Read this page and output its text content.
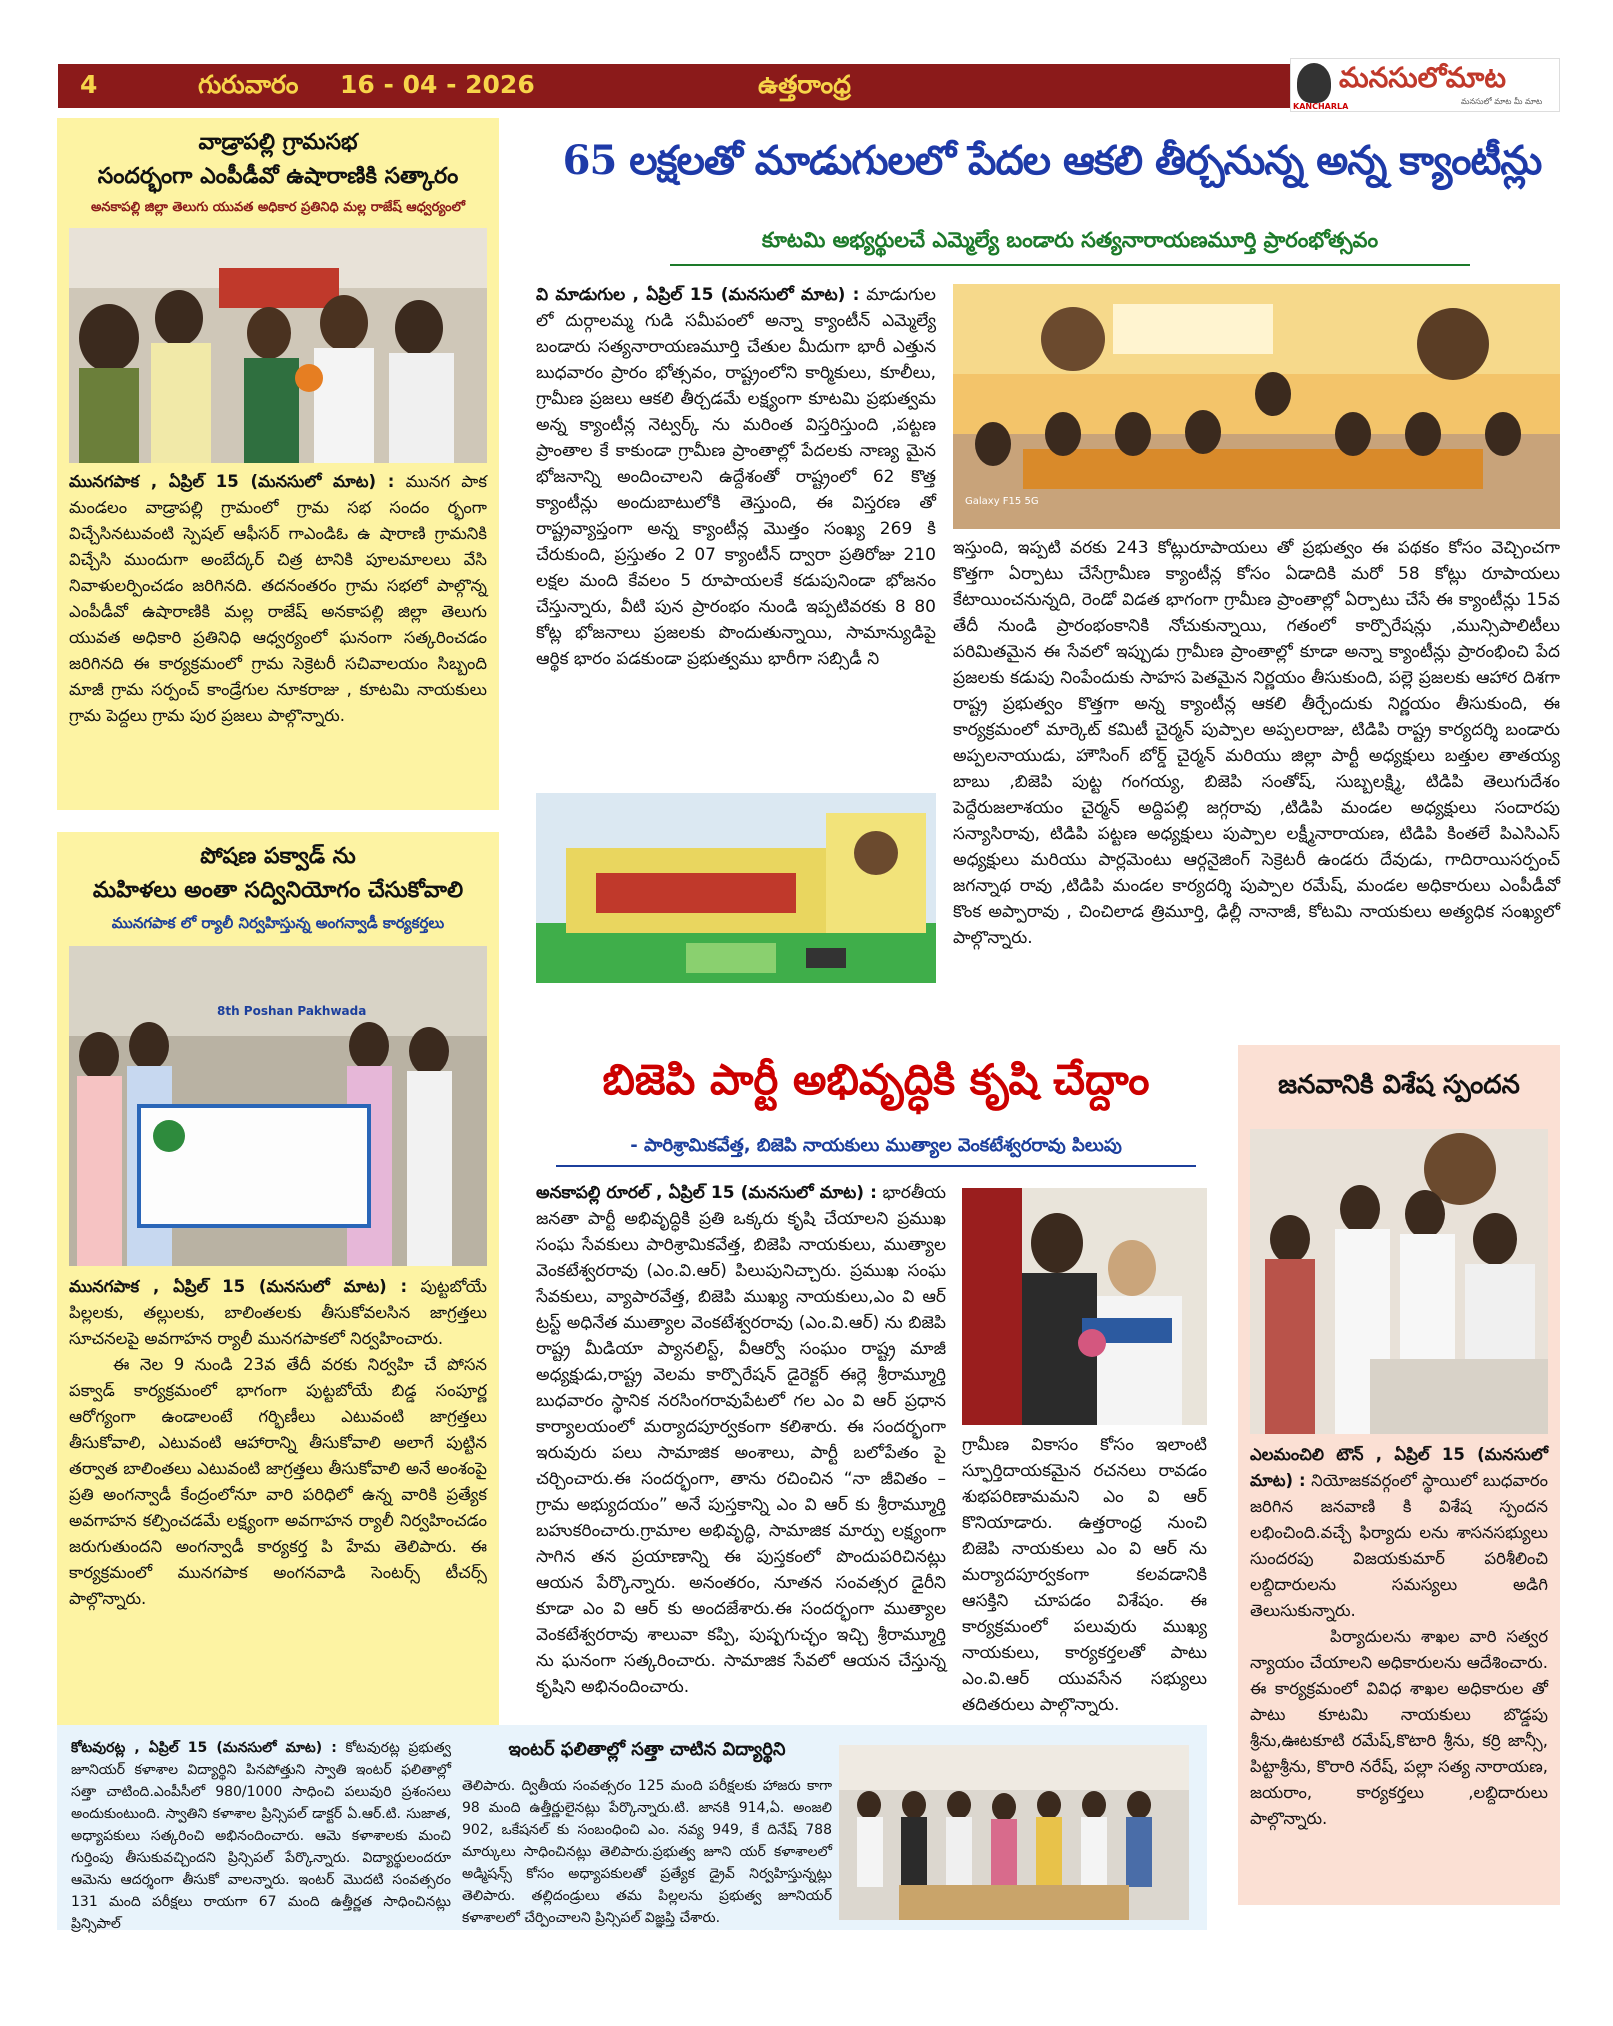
4	గురువారం 16 - 04 - 2026	ఉత్తరాంధ్ర
KANCHARLA
మనసులోమాట
మనసులో మాట మీ మాట
వాడ్రాపల్లి గ్రామసభ
సందర్భంగా ఎంపీడీవో ఉషారాణికి సత్కారం
అనకాపల్లి జిల్లా తెలుగు యువత అధికార ప్రతినిధి మల్ల రాజేష్ ఆధ్వర్యంలో
మునగపాక , ఏప్రిల్ 15 (మనసులో మాట) : మునగ పాక మండలం వాడ్రాపల్లి గ్రామంలో గ్రామ సభ సందం ర్భంగా విచ్చేసినటువంటి స్పెషల్ ఆఫీసర్ గాఎండిఓ ఉ షారాణి గ్రామనికి విచ్చేసి ముందుగా అంబేద్కర్ చిత్ర టానికి పూలమాలలు వేసి నివాళులర్పించడం జరిగినది. తదనంతరం గ్రామ సభలో పాల్గొన్న ఎంపీడీవో ఉషారాణికి మల్ల రాజేష్ అనకాపల్లి జిల్లా తెలుగు యువత అధికారి ప్రతినిధి ఆధ్వర్యంలో ఘనంగా సత్కరించడం జరిగినది ఈ కార్యక్రమంలో గ్రామ సెక్రెటరీ సచివాలయం సిబ్బంది మాజీ గ్రామ సర్పంచ్ కాండ్రేగుల నూకరాజు , కూటమి నాయకులు గ్రామ పెద్దలు గ్రామ పుర ప్రజలు పాల్గొన్నారు.
పోషణ పక్వాడ్ ను
మహిళలు అంతా సద్వినియోగం చేసుకోవాలి
మునగపాక లో ర్యాలీ నిర్వహిస్తున్న అంగన్వాడీ కార్యకర్తలు
8th Poshan Pakhwada
మునగపాక , ఏప్రిల్ 15 (మనసులో మాట) : పుట్టబోయే పిల్లలకు, తల్లులకు, బాలింతలకు తీసుకోవలసిన జాగ్రత్తలు సూచనలపై అవగాహన ర్యాలీ మునగపాకలో నిర్వహించారు.
ఈ నెల 9 నుండి 23వ తేదీ వరకు నిర్వహి చే పోసన పక్వాడ్ కార్యక్రమంలో భాగంగా పుట్టబోయే బిడ్డ సంపూర్ణ ఆరోగ్యంగా ఉండాలంటే గర్భిణీలు ఎటువంటి జాగ్రత్తలు తీసుకోవాలి, ఎటువంటి ఆహారాన్ని తీసుకోవాలి అలాగే పుట్టిన తర్వాత బాలింతలు ఎటువంటి జాగ్రత్తలు తీసుకోవాలి అనే అంశంపై ప్రతి అంగన్వాడీ కేంద్రంలోనూ వారి పరిధిలో ఉన్న వారికి ప్రత్యేక అవగాహన కల్పించడమే లక్ష్యంగా అవగాహన ర్యాలీ నిర్వహించడం జరుగుతుందని అంగన్వాడీ కార్యకర్త పి హేమ తెలిపారు. ఈ కార్యక్రమంలో మునగపాక అంగనవాడి సెంటర్స్ టీచర్స్ పాల్గొన్నారు.
65 లక్షలతో మాడుగులలో పేదల ఆకలి తీర్చనున్న అన్న క్యాంటీన్లు
కూటమి అభ్యర్థులచే ఎమ్మెల్యే బండారు సత్యనారాయణమూర్తి ప్రారంభోత్సవం
వి మాడుగుల , ఏప్రిల్ 15 (మనసులో మాట) : మాడుగుల లో దుర్గాలమ్మ గుడి సమీపంలో అన్నా క్యాంటీన్ ఎమ్మెల్యే బండారు సత్యనారాయణమూర్తి చేతుల మీదుగా భారీ ఎత్తున బుధవారం ప్రారం భోత్సవం, రాష్ట్రంలోని కార్మికులు, కూలీలు, గ్రామీణ ప్రజలు ఆకలి తీర్చడమే లక్ష్యంగా కూటమి ప్రభుత్వమ అన్న క్యాంటీన్ల నెట్వర్క్ ను మరింత విస్తరిస్తుంది ,పట్టణ ప్రాంతాల కే కాకుండా గ్రామీణ ప్రాంతాల్లో పేదలకు నాణ్య మైన భోజనాన్ని అందించాలని ఉద్దేశంతో రాష్ట్రంలో 62 కొత్త క్యాంటీన్లు అందుబాటులోకి తెస్తుంది, ఈ విస్తరణ తో రాష్ట్రవ్యాప్తంగా అన్న క్యాంటీన్ల మొత్తం సంఖ్య 269 కి చేరుకుంది, ప్రస్తుతం 2 07 క్యాంటీన్ ద్వారా ప్రతిరోజు 210 లక్షల మంది కేవలం 5 రూపాయలకే కడుపునిండా భోజనం చేస్తున్నారు, వీటి పున ప్రారంభం నుండి ఇప్పటివరకు 8 80 కోట్ల భోజనాలు ప్రజలకు పొందుతున్నాయి, సామాన్యుడిపై ఆర్థిక భారం పడకుండా ప్రభుత్వము భారీగా సబ్సిడీ ని
Galaxy F15 5G
ఇస్తుంది, ఇప్పటి వరకు 243 కోట్లురూపాయలు తో ప్రభుత్వం ఈ పథకం కోసం వెచ్చించగా కొత్తగా ఏర్పాటు చేసేగ్రామీణ క్యాంటీన్ల కోసం ఏడాదికి మరో 58 కోట్లు రూపాయలు కేటాయించనున్నది, రెండో విడత భాగంగా గ్రామీణ ప్రాంతాల్లో ఏర్పాటు చేసే ఈ క్యాంటీన్లు 15వ తేదీ నుండి ప్రారంభంకానికి నోచుకున్నాయి, గతంలో కార్పొరేషన్లు ,మున్సిపాలిటీలు పరిమితమైన ఈ సేవలో ఇప్పుడు గ్రామీణ ప్రాంతాల్లో కూడా అన్నా క్యాంటీన్లు ప్రారంభించి పేద ప్రజలకు కడుపు నింపేందుకు సాహస పెతమైన నిర్ణయం తీసుకుంది, పల్లె ప్రజలకు ఆహార దిశగా రాష్ట్ర ప్రభుత్వం కొత్తగా అన్న క్యాంటీన్ల ఆకలి తీర్చేందుకు నిర్ణయం తీసుకుంది, ఈ కార్యక్రమంలో మార్కెట్ కమిటీ చైర్మన్ పుప్పాల అప్పలరాజు, టిడిపి రాష్ట్ర కార్యదర్శి బండారు అప్పలనాయుడు, హౌసింగ్ బోర్డ్ చైర్మన్ మరియు జిల్లా పార్టీ అధ్యక్షులు బత్తుల తాతయ్య బాబు ,బిజెపి పుట్ట గంగయ్య, బిజెపి సంతోష్, సుబ్బలక్ష్మి, టిడిపి తెలుగుదేశం పెద్దేరుజలాశయం చైర్మన్ అద్దిపల్లి జగ్గరావు ,టిడిపి మండల అధ్యక్షులు సందారపు సన్యాసిరావు, టిడిపి పట్టణ అధ్యక్షులు పుప్పాల లక్ష్మీనారాయణ, టిడిపి కింతలే పిఎసిఎస్ అధ్యక్షులు మరియు పార్లమెంటు ఆర్గనైజింగ్ సెక్రెటరీ ఉండరు దేవుడు, గాదిరాయిసర్పంచ్ జగన్నాథ రావు ,టిడిపి మండల కార్యదర్శి పుప్పాల రమేష్, మండల అధికారులు ఎంపీడీవో కొంక అప్పారావు , చించిలాడ త్రిమూర్తి, ఢిల్లీ నానాజీ, కోటమి నాయకులు అత్యధిక సంఖ్యలో పాల్గొన్నారు.
బిజెపి పార్టీ అభివృద్ధికి కృషి చేద్దాం
- పారిశ్రామికవేత్త, బిజెపి నాయకులు ముత్యాల వెంకటేశ్వరరావు పిలుపు
అనకాపల్లి రూరల్ , ఏప్రిల్ 15 (మనసులో మాట) : భారతీయ జనతా పార్టీ అభివృద్ధికి ప్రతి ఒక్కరు కృషి చేయాలని ప్రముఖ సంఘ సేవకులు పారిశ్రామికవేత్త, బిజెపి నాయకులు, ముత్యాల వెంకటేశ్వరరావు (ఎం.వి.ఆర్) పిలుపునిచ్చారు. ప్రముఖ సంఘ సేవకులు, వ్యాపారవేత్త, బిజెపి ముఖ్య నాయకులు,ఎం వి ఆర్ ట్రస్ట్ అధినేత ముత్యాల వెంకటేశ్వరరావు (ఎం.వి.ఆర్) ను బిజెపి రాష్ట్ర మీడియా ప్యానలిస్ట్, వీఆర్వో సంఘం రాష్ట్ర మాజీ అధ్యక్షుడు,రాష్ట్ర వెలమ కార్పొరేషన్ డైరెక్టర్ ఈర్లె శ్రీరామ్మూర్తి బుధవారం స్థానిక నరసింగరావుపేటలో గల ఎం వి ఆర్ ప్రధాన కార్యాలయంలో మర్యాదపూర్వకంగా కలిశారు. ఈ సందర్భంగా ఇరువురు పలు సామాజిక అంశాలు, పార్టీ బలోపేతం పై చర్చించారు.ఈ సందర్భంగా, తాను రచించిన “నా జీవితం – గ్రామ అభ్యుదయం” అనే పుస్తకాన్ని ఎం వి ఆర్ కు శ్రీరామ్మూర్తి బహుకరించారు.గ్రామాల అభివృద్ధి, సామాజిక మార్పు లక్ష్యంగా సాగిన తన ప్రయాణాన్ని ఈ పుస్తకంలో పొందుపరిచినట్లు ఆయన పేర్కొన్నారు. అనంతరం, నూతన సంవత్సర డైరీని కూడా ఎం వి ఆర్ కు అందజేశారు.ఈ సందర్భంగా ముత్యాల వెంకటేశ్వరరావు శాలువా కప్పి, పుష్పగుచ్ఛం ఇచ్చి శ్రీరామ్మూర్తి ను ఘనంగా సత్కరించారు. సామాజిక సేవలో ఆయన చేస్తున్న కృషిని అభినందించారు.
గ్రామీణ వికాసం కోసం ఇలాంటి స్ఫూర్తిదాయకమైన రచనలు రావడం శుభపరిణామమని ఎం వి ఆర్ కొనియాడారు. ఉత్తరాంధ్ర నుంచి బిజెపి నాయకులు ఎం వి ఆర్ ను మర్యాదపూర్వకంగా కలవడానికి ఆసక్తిని చూపడం విశేషం. ఈ కార్యక్రమంలో పలువురు ముఖ్య నాయకులు, కార్యకర్తలతో పాటు ఎం.వి.ఆర్ యువసేన సభ్యులు తదితరులు పాల్గొన్నారు.
జనవానికి విశేష స్పందన
ఎలమంచిలి టౌన్ , ఏప్రిల్ 15 (మనసులో మాట) : నియోజకవర్గంలో స్థాయిలో బుధవారం జరిగిన జనవాణి కి విశేష స్పందన లభించింది.వచ్చే ఫిర్యాదు లను శాసనసభ్యులు సుందరపు విజయకుమార్ పరిశీలించి లబ్దిదారులను సమస్యలు అడిగి తెలుసుకున్నారు.
పిర్యాదులను శాఖల వారి సత్వర న్యాయం చేయాలని అధికారులను ఆదేశించారు. ఈ కార్యక్రమంలో వివిధ శాఖల అధికారుల తో పాటు కూటమి నాయకులు బొడ్డపు శ్రీను,ఊటకూటి రమేష్,కొటారి శ్రీను, కర్రి జాన్సీ, పిట్టాశ్రీను, కొరారి నరేష్, పల్లా సత్య నారాయణ, జయరాం, కార్యకర్తలు ,లబ్దిదారులు పాల్గొన్నారు.
కోటవురట్ల , ఏప్రిల్ 15 (మనసులో మాట) : కోటవురట్ల ప్రభుత్వ జూనియర్ కళాశాల విద్యార్థిని పినపోత్తుని స్వాతి ఇంటర్ ఫలితాల్లో సత్తా చాటింది.ఎంపీసీలో 980/1000 సాధించి పలువురి ప్రశంసలు అందుకుంటుంది. స్వాతిని కళాశాల ప్రిన్సిపల్ డాక్టర్ ఏ.ఆర్.టి. సుజాత, అధ్యాపకులు సత్కరించి అభినందించారు. ఆమె కళాశాలకు మంచి గుర్తింపు తీసుకువచ్చిందని ప్రిన్సిపల్ పేర్కొన్నారు. విద్యార్థులందరూ ఆమెను ఆదర్శంగా తీసుకో వాలన్నారు. ఇంటర్ మొదటి సంవత్సరం 131 మంది పరీక్షలు రాయగా 67 మంది ఉత్తీర్ణత సాధించినట్లు ప్రిన్సిపాల్
ఇంటర్ ఫలితాల్లో సత్తా చాటిన విద్యార్థిని
తెలిపారు. ద్వితీయ సంవత్సరం 125 మంది పరీక్షలకు హాజరు కాగా 98 మంది ఉత్తీర్ణులైనట్లు పేర్కొన్నారు.టి. జానకి 914,ఏ. అంజలి 902, ఒకేషనల్ కు సంబంధించి ఎం. నవ్య 949, కే దినేష్ 788 మార్కులు సాధించినట్లు తెలిపారు.ప్రభుత్వ జూని యర్ కళాశాలలో అడ్మిషన్స్ కోసం అధ్యాపకులతో ప్రత్యేక డ్రైవ్ నిర్వహిస్తున్నట్లు తెలిపారు. తల్లిదండ్రులు తమ పిల్లలను ప్రభుత్వ జూనియర్ కళాశాలలో చేర్పించాలని ప్రిన్సిపల్ విజ్ఞప్తి చేశారు.
